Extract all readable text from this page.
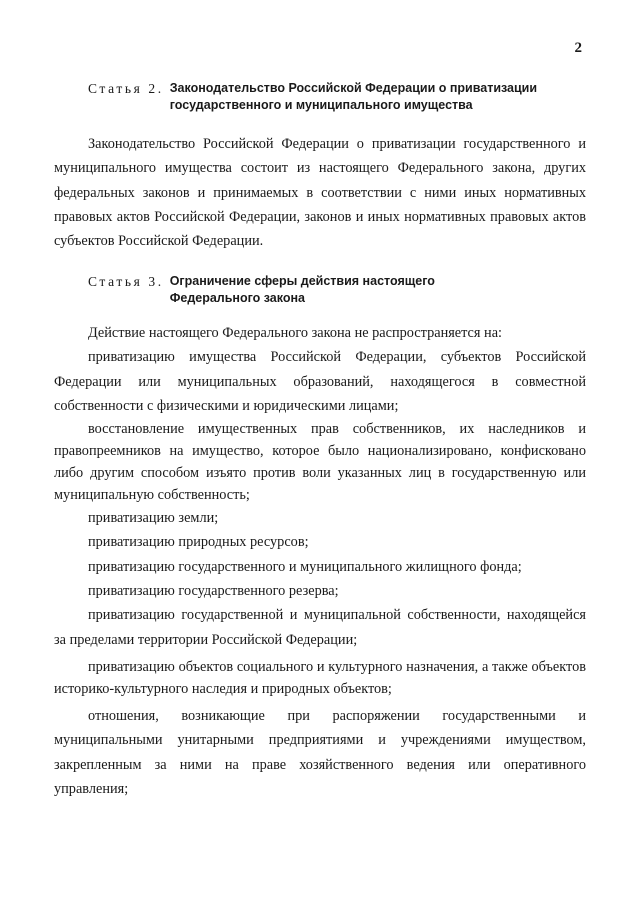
2
Статья 2. Законодательство Российской Федерации о приватизации
государственного и муниципального имущества

Законодательство Российской Федерации о приватизации государственного и муниципального имущества состоит из настоящего Федерального закона, других федеральных законов и принимаемых в соответствии с ними иных нормативных правовых актов Российской Федерации, законов и иных нормативных правовых актов субъектов Российской Федерации.

Статья 3. Ограничение сферы действия настоящего
Федерального закона

Действие настоящего Федерального закона не распространяется на:

приватизацию имущества Российской Федерации, субъектов Российской Федерации или муниципальных образований, находящегося в совместной собственности с физическими и юридическими лицами;

восстановление имущественных прав собственников, их наследников и правопреемников на имущество, которое было национализировано, конфисковано либо другим способом изъято против воли указанных лиц в государственную или муниципальную собственность;

приватизацию земли;

приватизацию природных ресурсов;

приватизацию государственного и муниципального жилищного фонда;

приватизацию государственного резерва;

приватизацию государственной и муниципальной собственности, находящейся за пределами территории Российской Федерации;

приватизацию объектов социального и культурного назначения, а также объектов историко-культурного наследия и природных объектов;

отношения, возникающие при распоряжении государственными и муниципальными унитарными предприятиями и учреждениями имуществом, закрепленным за ними на праве хозяйственного ведения или оперативного управления;
